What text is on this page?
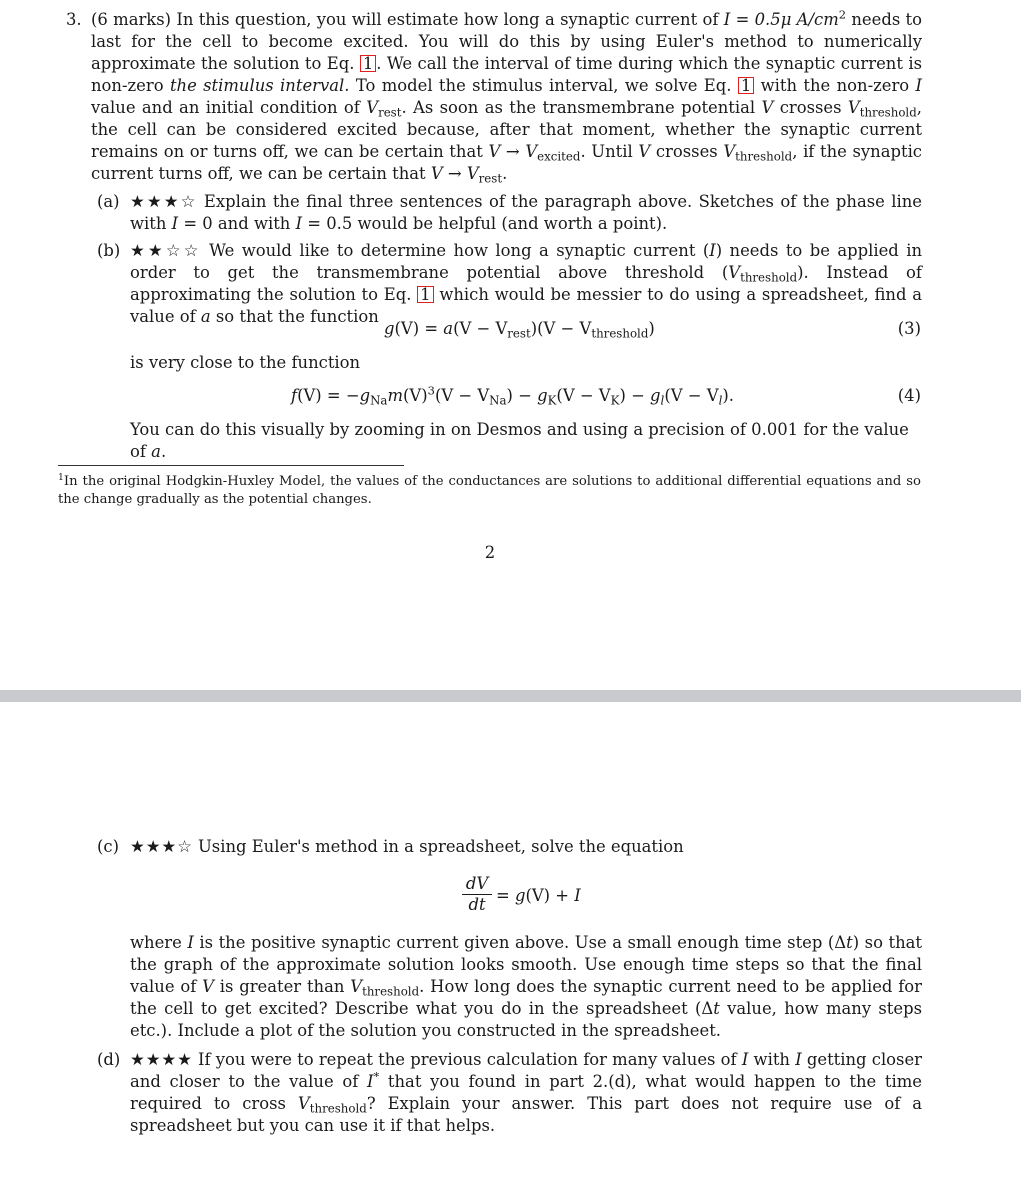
3. (6 marks) In this question, you will estimate how long a synaptic current of I = 0.5μ $A/cm^2$ needs to last for the cell to become excited. You will do this by using Euler's method to numerically approximate the solution to Eq. 1 . We call the interval of time during which the synaptic current is non-zero the stimulus interval. To model the stimulus interval, we solve Eq. 1 with the non-zero I value and an initial condition of $V_{rest}$. As soon as the transmembrane potential V crosses $V_{threshold}$, the cell can be considered excited because, after that moment, whether the synaptic current remains on or turns off, we can be certain that $V \to V_{excited}$. Until V crosses $V_{threshold}$, if the synaptic current turns off, we can be certain that $V \to V_{rest}$.

(a) ★★★☆ Explain the final three sentences of the paragraph above. Sketches of the phase line with I = 0 and with I = 0.5 would be helpful (and worth a point).

(b) ★★☆☆ We would like to determine how long a synaptic current (I) needs to be applied in order to get the transmembrane potential above threshold $(V_{threshold})$. Instead of approximating the solution to Eq. 1 which would be messier to do using a spreadsheet, find a value of a so that the function

$g(V) = a(V - V_{rest})(V - V_{threshold})$	(3)

is very close to the function

$f(V) = -g_{Na}m(V)^3(V - V_{Na}) - g_K(V - V_K) - g_l(V - V_l)$.	(4)

You can do this visually by zooming in on Desmos and using a precision of 0.001 for the value of a.

$^1$In the original Hodgkin-Huxley Model, the values of the conductances are solutions to additional differential equations and so the change gradually as the potential changes.

2
(c) ★★★☆ Using Euler's method in a spreadsheet, solve the equation

dV
dt = g(V) + I

where I is the positive synaptic current given above. Use a small enough time step (Δt) so that the graph of the approximate solution looks smooth. Use enough time steps so that the final value of V is greater than $V_{threshold}$. How long does the synaptic current need to be applied for the cell to get excited? Describe what you do in the spreadsheet (Δt value, how many steps etc.). Include a plot of the solution you constructed in the spreadsheet.

(d) ★★★★ If you were to repeat the previous calculation for many values of I with I getting closer and closer to the value of I* that you found in part 2.(d), what would happen to the time required to cross $V_{threshold}$? Explain your answer. This part does not require use of a spreadsheet but you can use it if that helps.
